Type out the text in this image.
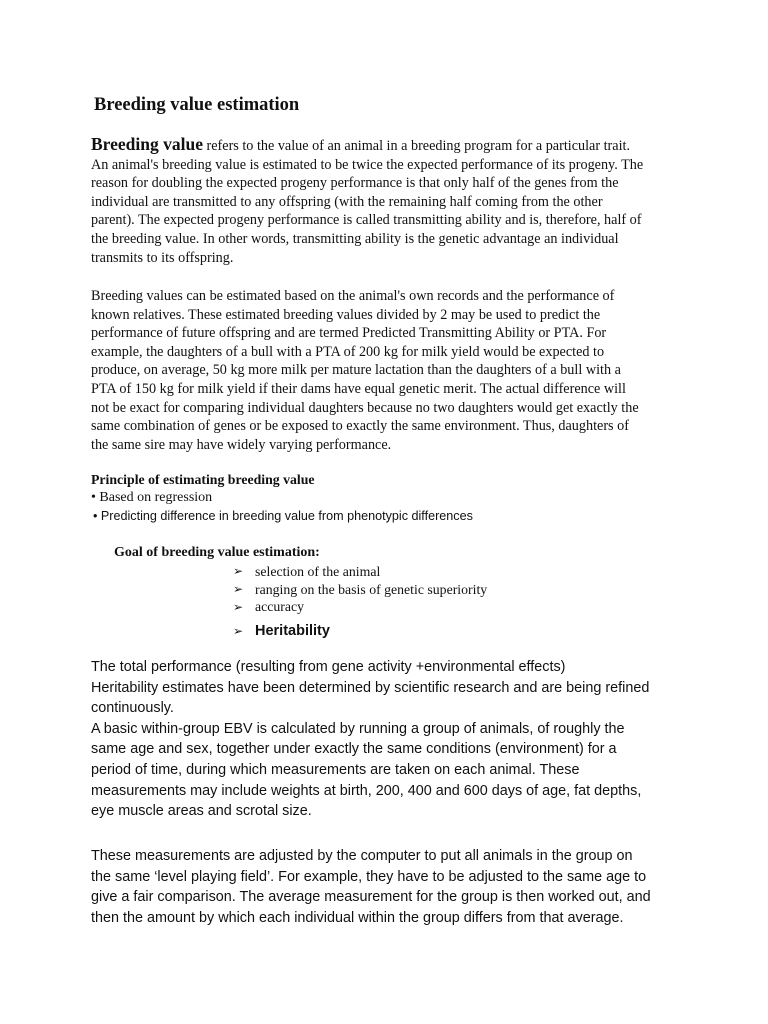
Breeding value estimation
Breeding value refers to the value of an animal in a breeding program for a particular trait.
An animal's breeding value is estimated to be twice the expected performance of its progeny. The
reason for doubling the expected progeny performance is that only half of the genes from the
individual are transmitted to any offspring (with the remaining half coming from the other
parent). The expected progeny performance is called transmitting ability and is, therefore, half of
the breeding value. In other words, transmitting ability is the genetic advantage an individual
transmits to its offspring.
Breeding values can be estimated based on the animal's own records and the performance of
known relatives. These estimated breeding values divided by 2 may be used to predict the
performance of future offspring and are termed Predicted Transmitting Ability or PTA. For
example, the daughters of a bull with a PTA of 200 kg for milk yield would be expected to
produce, on average, 50 kg more milk per mature lactation than the daughters of a bull with a
PTA of 150 kg for milk yield if their dams have equal genetic merit. The actual difference will
not be exact for comparing individual daughters because no two daughters would get exactly the
same combination of genes or be exposed to exactly the same environment. Thus, daughters of
the same sire may have widely varying performance.
Principle of estimating breeding value
• Based on regression
• Predicting difference in breeding value from phenotypic differences
Goal of breeding value estimation:
➢ selection of the animal
➢ ranging on the basis of genetic superiority
➢ accuracy
➢ Heritability
The total performance (resulting from gene activity +environmental effects)
Heritability estimates have been determined by scientific research and are being refined
continuously.
A basic within-group EBV is calculated by running a group of animals, of roughly the
same age and sex, together under exactly the same conditions (environment) for a
period of time, during which measurements are taken on each animal. These
measurements may include weights at birth, 200, 400 and 600 days of age, fat depths,
eye muscle areas and scrotal size.
These measurements are adjusted by the computer to put all animals in the group on
the same ‘level playing field’. For example, they have to be adjusted to the same age to
give a fair comparison. The average measurement for the group is then worked out, and
then the amount by which each individual within the group differs from that average.
